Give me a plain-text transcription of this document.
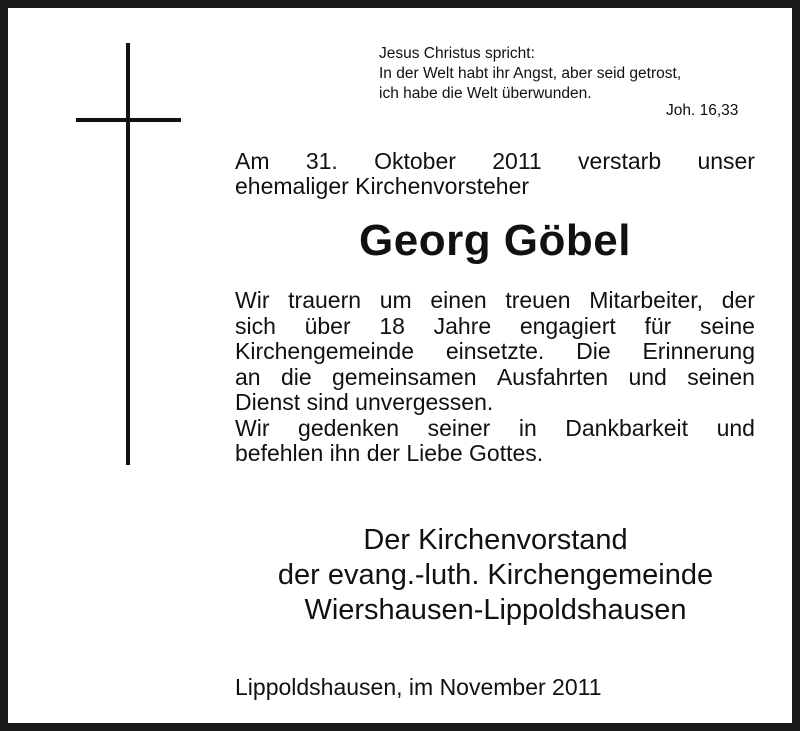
Jesus Christus spricht:
In der Welt habt ihr Angst, aber seid getrost,
ich habe die Welt überwunden.
Joh. 16,33
Am 31. Oktober 2011 verstarb unser
ehemaliger Kirchenvorsteher
Georg Göbel
Wir trauern um einen treuen Mitarbeiter, der
sich über 18 Jahre engagiert für seine
Kirchengemeinde einsetzte. Die Erinnerung
an die gemeinsamen Ausfahrten und seinen
Dienst sind unvergessen.
Wir gedenken seiner in Dankbarkeit und
befehlen ihn der Liebe Gottes.
Der Kirchenvorstand
der evang.-luth. Kirchengemeinde
Wiershausen-Lippoldshausen
Lippoldshausen, im November 2011
